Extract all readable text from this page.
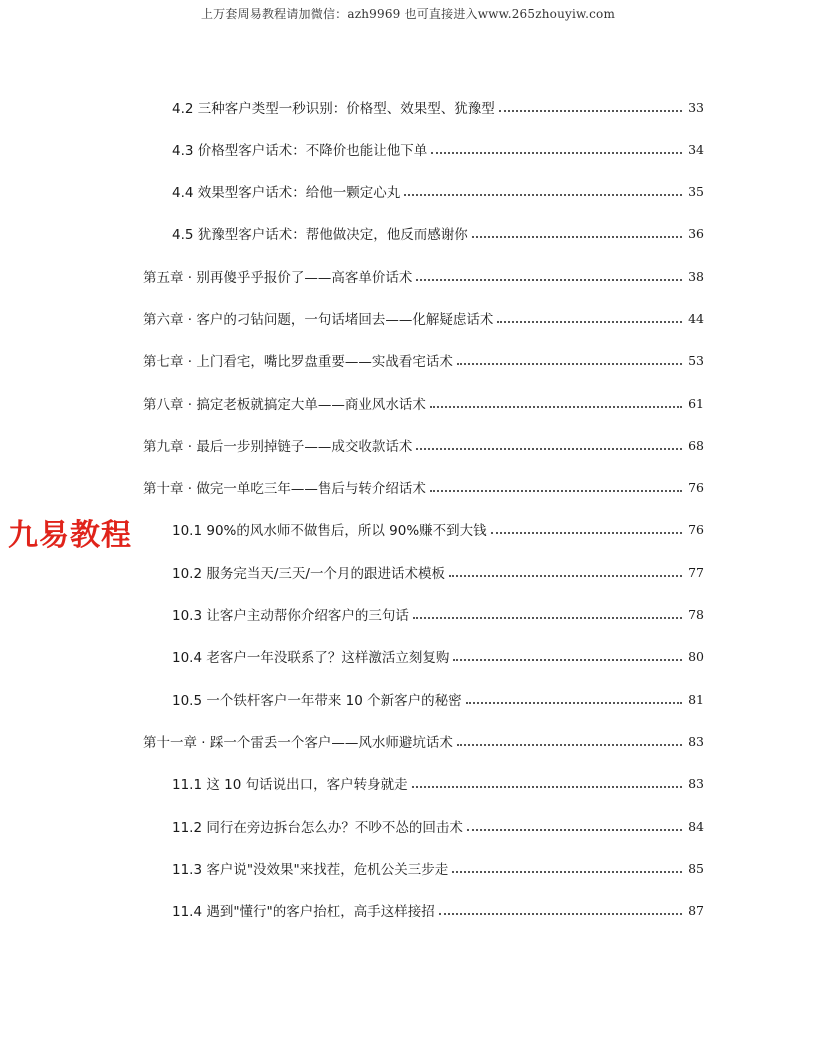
上万套周易教程请加微信：azh9969 也可直接进入www.265zhouyiw.com
4.2 三种客户类型一秒识别：价格型、效果型、犹豫型	33
4.3 价格型客户话术：不降价也能让他下单	34
4.4 效果型客户话术：给他一颗定心丸	35
4.5 犹豫型客户话术：帮他做决定，他反而感谢你	36
第五章 · 别再傻乎乎报价了——高客单价话术	38
第六章 · 客户的刁钻问题，一句话堵回去——化解疑虑话术	44
第七章 · 上门看宅，嘴比罗盘重要——实战看宅话术	53
第八章 · 搞定老板就搞定大单——商业风水话术	61
第九章 · 最后一步别掉链子——成交收款话术	68
第十章 · 做完一单吃三年——售后与转介绍话术	76
10.1 90%的风水师不做售后，所以 90%赚不到大钱	76
10.2 服务完当天/三天/一个月的跟进话术模板	77
10.3 让客户主动帮你介绍客户的三句话	78
10.4 老客户一年没联系了？这样激活立刻复购	80
10.5 一个铁杆客户一年带来 10 个新客户的秘密	81
第十一章 · 踩一个雷丢一个客户——风水师避坑话术	83
11.1 这 10 句话说出口，客户转身就走	83
11.2 同行在旁边拆台怎么办？不吵不怂的回击术	84
11.3 客户说"没效果"来找茬，危机公关三步走	85
11.4 遇到"懂行"的客户抬杠，高手这样接招	87
九易教程
